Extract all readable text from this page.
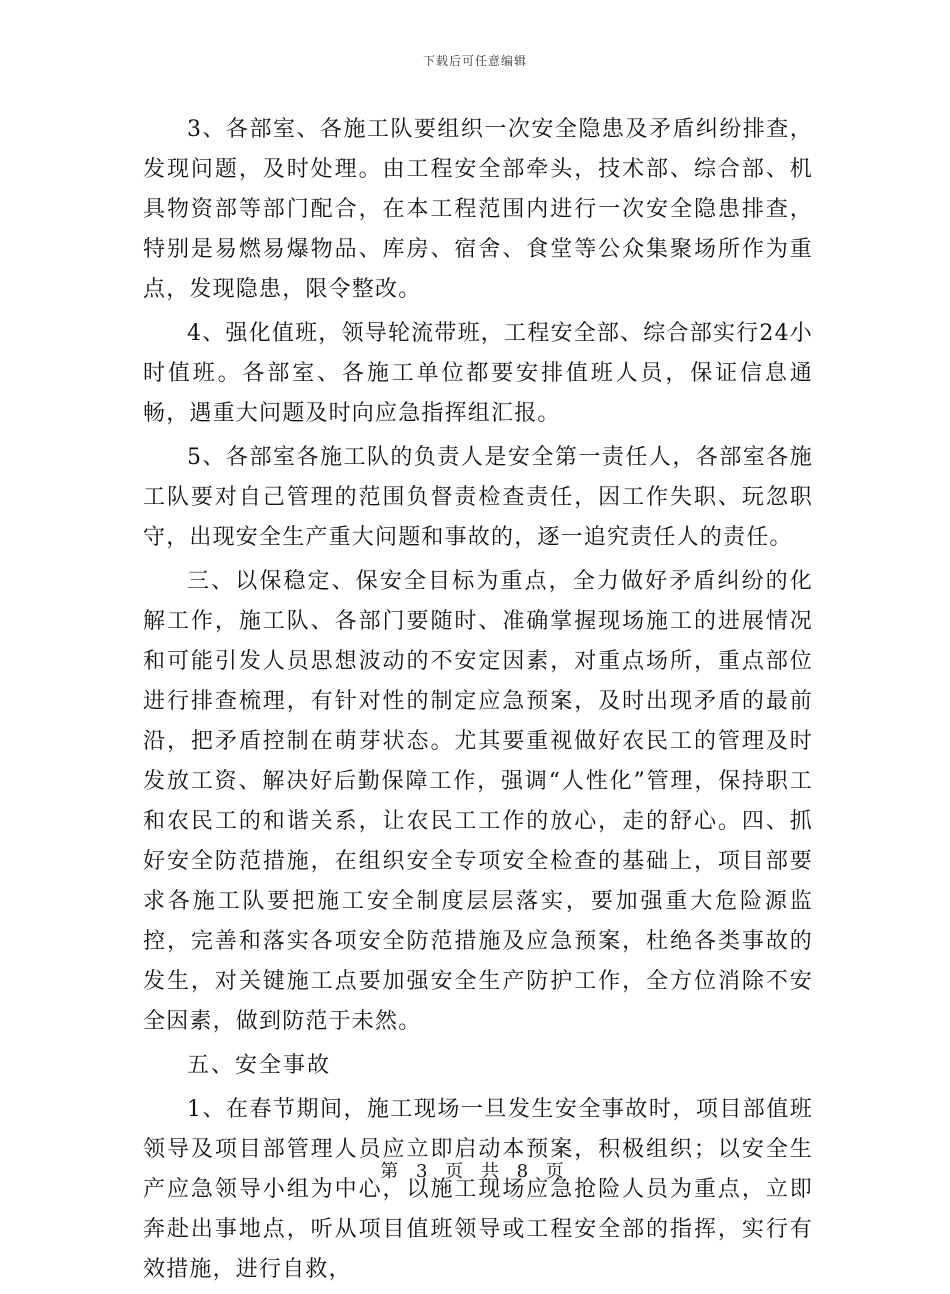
下载后可任意编辑

3、各部室、各施工队要组织一次安全隐患及矛盾纠纷排查，发现问题，及时处理。由工程安全部牵头，技术部、综合部、机具物资部等部门配合，在本工程范围内进行一次安全隐患排查，特别是易燃易爆物品、库房、宿舍、食堂等公众集聚场所作为重点，发现隐患，限令整改。

4、强化值班，领导轮流带班，工程安全部、综合部实行24小时值班。各部室、各施工单位都要安排值班人员，保证信息通畅，遇重大问题及时向应急指挥组汇报。

5、各部室各施工队的负责人是安全第一责任人，各部室各施工队要对自己管理的范围负督责检查责任，因工作失职、玩忽职守，出现安全生产重大问题和事故的，逐一追究责任人的责任。

三、以保稳定、保安全目标为重点，全力做好矛盾纠纷的化解工作，施工队、各部门要随时、准确掌握现场施工的进展情况和可能引发人员思想波动的不安定因素，对重点场所，重点部位进行排查梳理，有针对性的制定应急预案，及时出现矛盾的最前沿，把矛盾控制在萌芽状态。尤其要重视做好农民工的管理及时发放工资、解决好后勤保障工作，强调“人性化”管理，保持职工和农民工的和谐关系，让农民工工作的放心，走的舒心。四、抓好安全防范措施，在组织安全专项安全检查的基础上，项目部要求各施工队要把施工安全制度层层落实，要加强重大危险源监控，完善和落实各项安全防范措施及应急预案，杜绝各类事故的发生，对关键施工点要加强安全生产防护工作，全方位消除不安全因素，做到防范于未然。

五、安全事故

1、在春节期间，施工现场一旦发生安全事故时，项目部值班领导及项目部管理人员应立即启动本预案，积极组织；以安全生产应急领导小组为中心，以施工现场应急抢险人员为重点，立即奔赴出事地点，听从项目值班领导或工程安全部的指挥，实行有效措施，进行自救，

第 3 页 共 8 页
